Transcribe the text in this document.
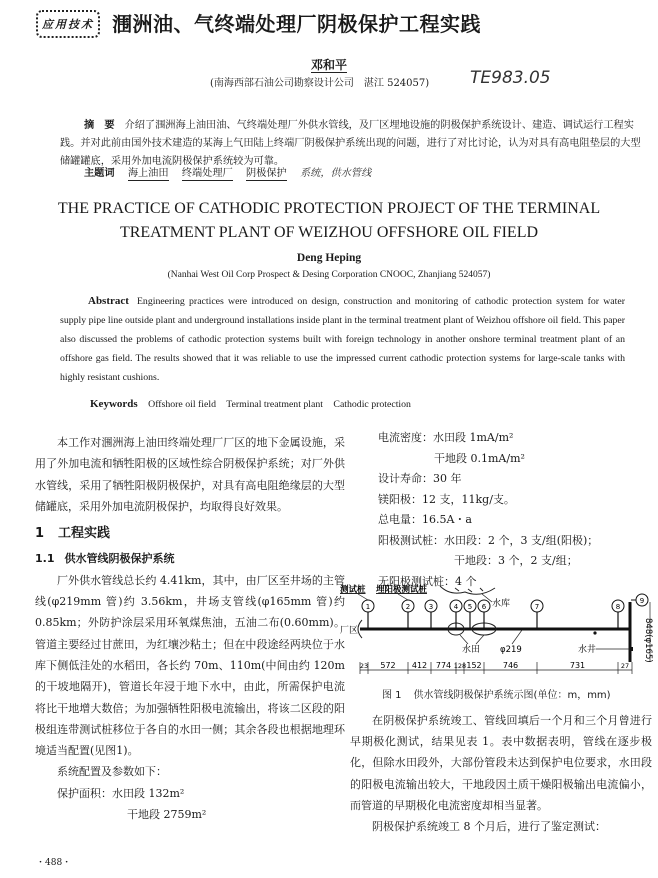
应用技术 涠洲油、气终端处理厂阴极保护工程实践
邓和平
(南海西部石油公司勘察设计公司　湛江 524057) TE983.05

摘　要 介绍了涠洲海上油田油、气终端处理厂外供水管线，及厂区埋地设施的阴极保护系统设计、建造、调试运行工程实践。并对此前由国外技术建造的某海上气田陆上终端厂阴极保护系统出现的问题，进行了对比讨论，认为对具有高电阻垫层的大型储罐罐底，采用外加电流阴极保护系统较为可靠。

主题词 海上油田 终端处理厂 阴极保护 系统，供水管线
THE PRACTICE OF CATHODIC PROTECTION PROJECT OF THE TERMINAL
TREATMENT PLANT OF WEIZHOU OFFSHORE OIL FIELD
Deng Heping
(Nanhai West Oil Corp Prospect & Desing Corporation CNOOC, Zhanjiang 524057)

Abstract Engineering practices were introduced on design, construction and monitoring of cathodic protection system for water supply pipe line outside plant and underground installations inside plant in the terminal treatment plant of Weizhou offshore oil field. This paper also discussed the problems of cathodic protection systems built with foreign technology in another onshore terminal treatment plant of an offshore gas field. The results showed that it was reliable to use the impressed current cathodic protection systems for large-scale tanks with highly resistant cushions.

Keywords Offshore oil field Terminal treatment plant Cathodic protection

本工作对涠洲海上油田终端处理厂厂区的地下金属设施，采用了外加电流和牺牲阳极的区域性综合阴极保护系统；对厂外供水管线，采用了牺牲阳极阴极保护，对具有高电阻绝缘层的大型储罐底，采用外加电流阴极保护，均取得良好效果。

1 工程实践

1.1 供水管线阴极保护系统

厂外供水管线总长约 4.41km，其中，由厂区至井场的主管线(φ219mm 管)约 3.56km，井场支管线(φ165mm 管)约 0.85km；外防护涂层采用环氧煤焦油，五油二布(0.60mm)。管道主要经过甘蔗田，为红壤沙粘土；但在中段途经两块位于水库下侧低洼处的水稻田，各长约 70m、110m(中间由约 120m 的干坡地隔开)，管道长年浸于地下水中，由此，所需保护电流将比干地增大数倍；为加强牺牲阳极电流输出，将该二区段的阳极组连带测试桩移位于各自的水田一侧；其余各段也根据地理环境适当配置(见图1)。

系统配置及参数如下：

保护面积：水田段 132m²

干地段 2759m²

电流密度：水田段 1mA/m²

干地段 0.1mA/m²

设计寿命：30 年

镁阳极：12 支，11kg/支。

总电量：16.5A・a

阳极测试桩：水田段：2 个，3 支/组(阳极)；

干地段：3 个，2 支/组；

无阳极测试桩：4 个

水库
测试桩 埋阳极测试桩
厂区
水田 φ219	水井	848(φ165)
1	2	3	4 5 6	7	8
9
23 572 412 774 128 152	746	731	27
图 1 供水管线阴极保护系统示图(单位：m，mm)

在阴极保护系统竣工、管线回填后一个月和三个月曾进行早期极化测试，结果见表 1。表中数据表明，管线在逐步极化，但除水田段外，大部份管段未达到保护电位要求，水田段的阳极电流输出较大，干地段因土质干燥阳极输出电流偏小，而管道的早期极化电流密度却相当显著。

阴极保护系统竣工 8 个月后，进行了鉴定测试：

・488・
